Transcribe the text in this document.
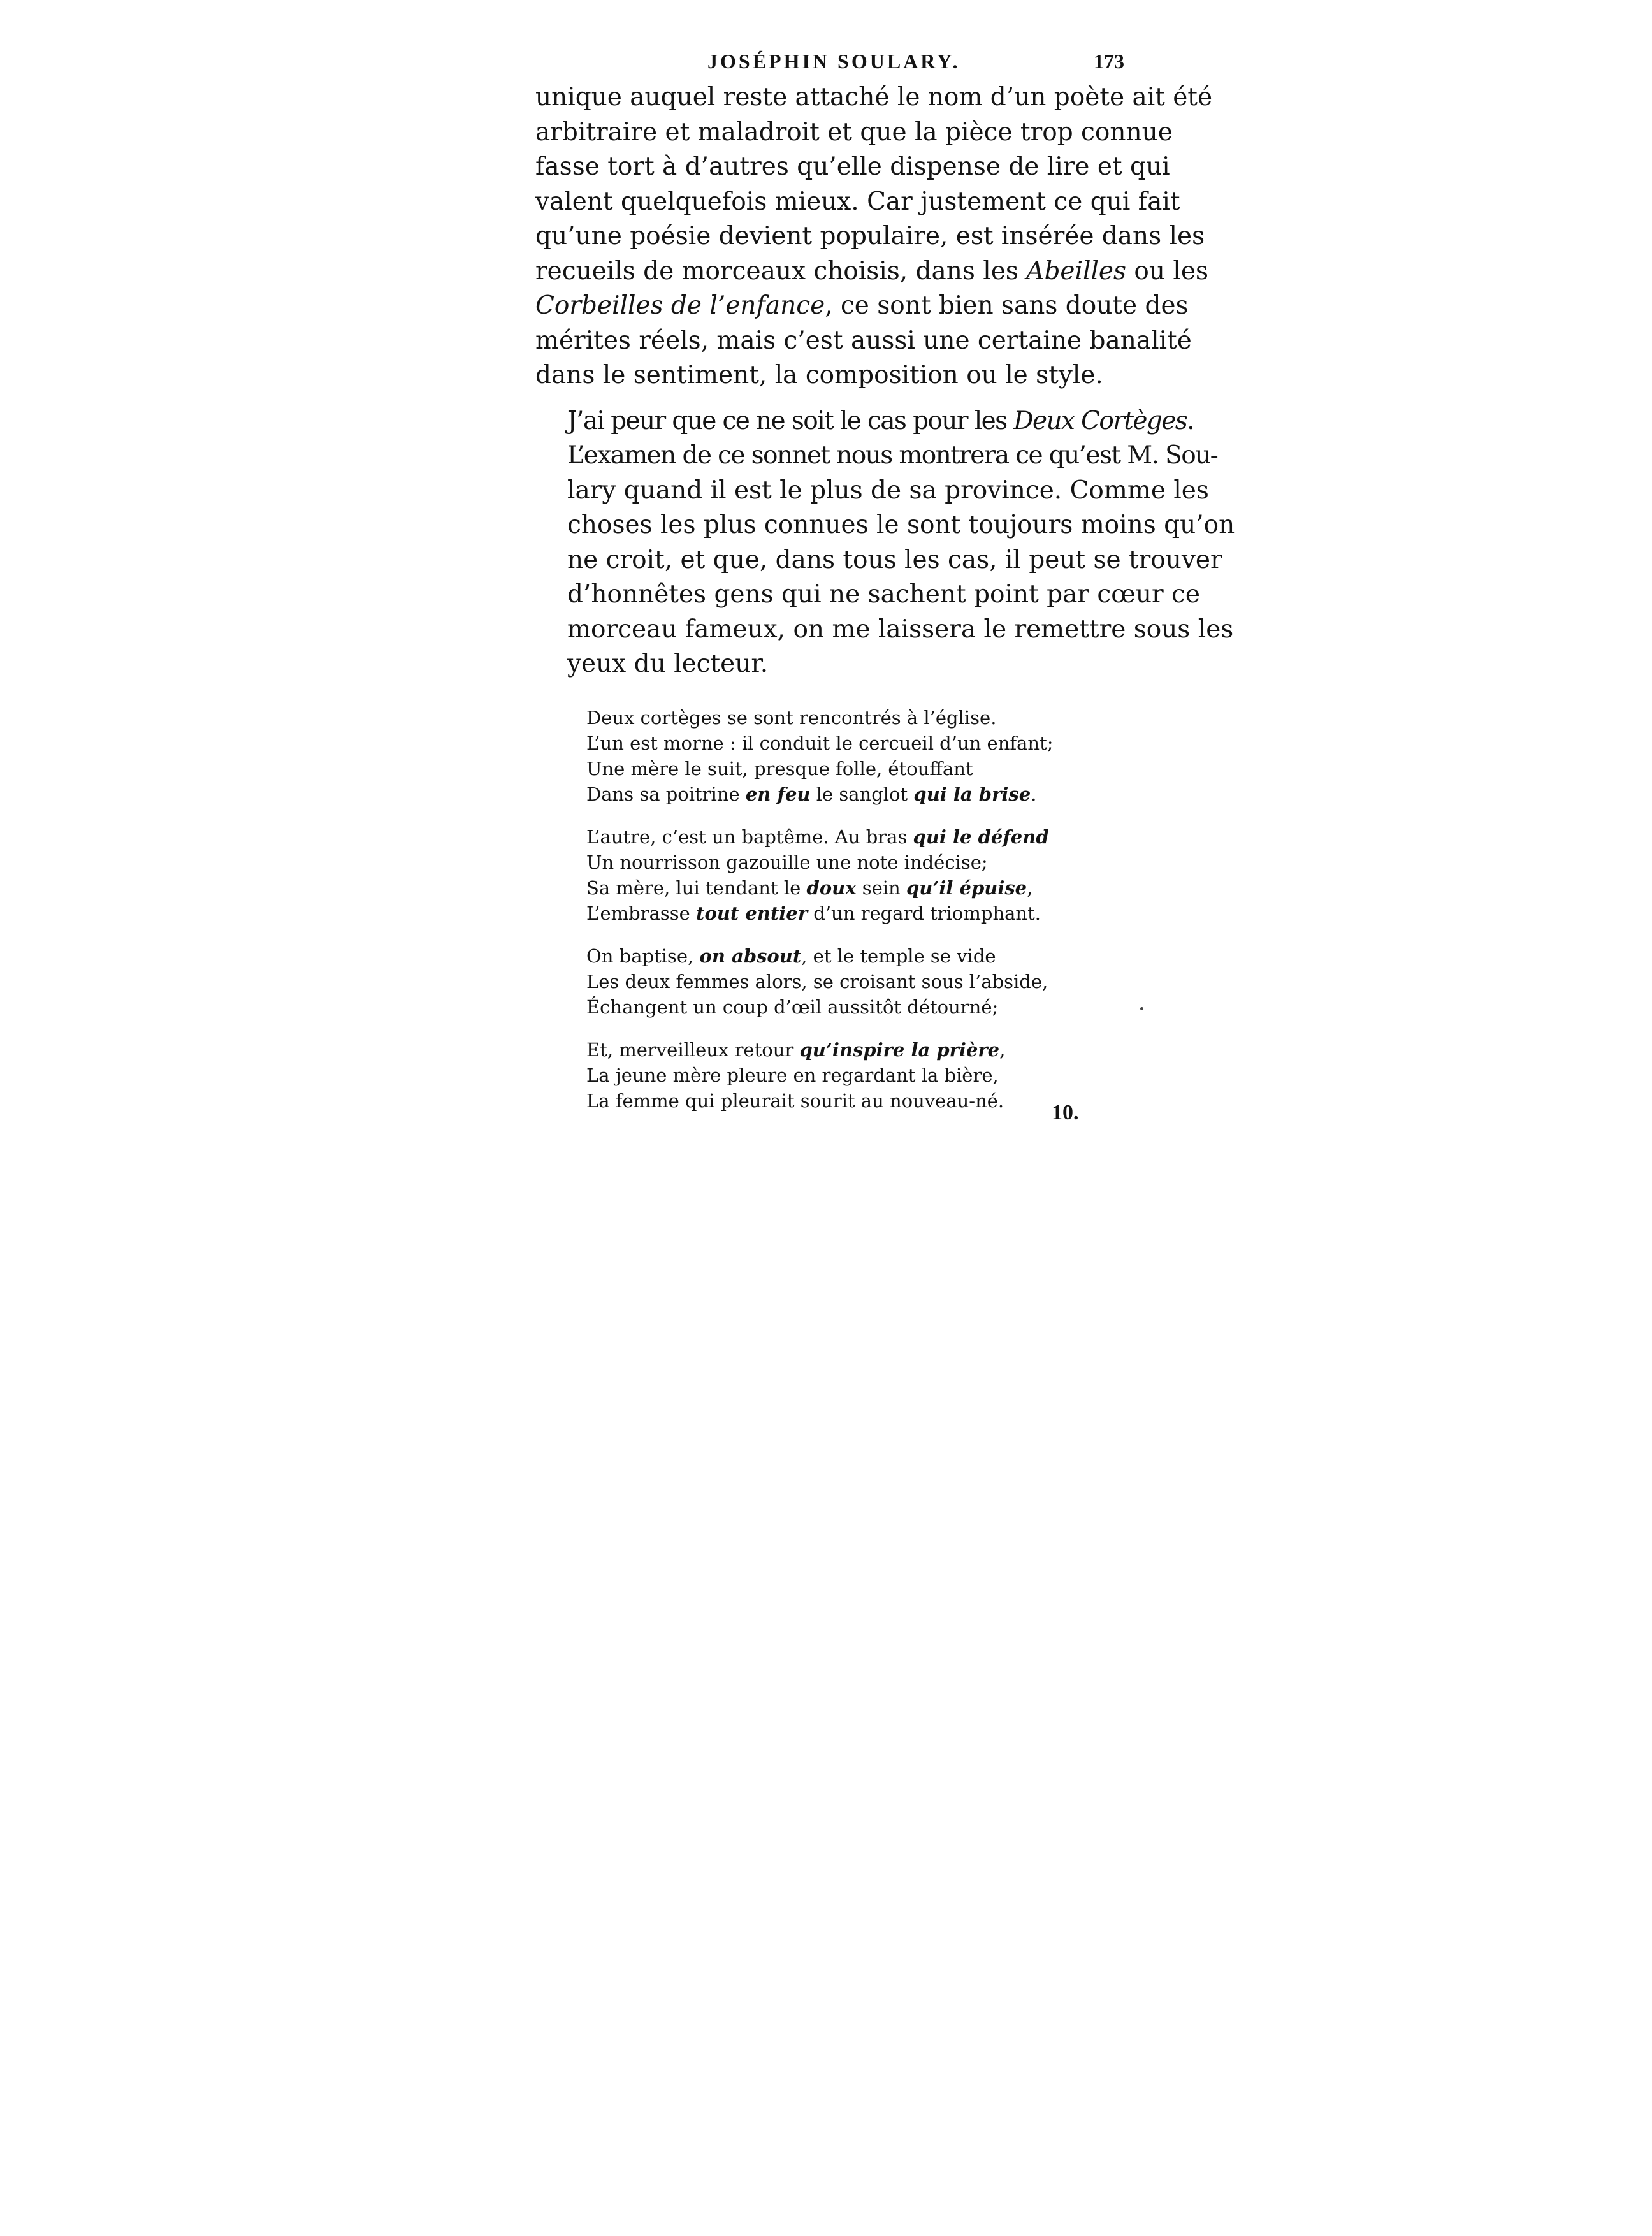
JOSÉPHIN SOULARY.	173

unique auquel reste attaché le nom d’un poète ait été
arbitraire et maladroit et que la pièce trop connue
fasse tort à d’autres qu’elle dispense de lire et qui
valent quelquefois mieux. Car justement ce qui fait
qu’une poésie devient populaire, est insérée dans les
recueils de morceaux choisis, dans les Abeilles ou les
Corbeilles de l’enfance, ce sont bien sans doute des
mérites réels, mais c’est aussi une certaine banalité
dans le sentiment, la composition ou le style.

J’ai peur que ce ne soit le cas pour les Deux Cortèges.
L’examen de ce sonnet nous montrera ce qu’est M. Sou-
lary quand il est le plus de sa province. Comme les
choses les plus connues le sont toujours moins qu’on
ne croit, et que, dans tous les cas, il peut se trouver
d’honnêtes gens qui ne sachent point par cœur ce
morceau fameux, on me laissera le remettre sous les
yeux du lecteur.

Deux cortèges se sont rencontrés à l’église.
L’un est morne : il conduit le cercueil d’un enfant;
Une mère le suit, presque folle, étouffant
Dans sa poitrine en feu le sanglot qui la brise.
L’autre, c’est un baptême. Au bras qui le défend
Un nourrisson gazouille une note indécise;
Sa mère, lui tendant le doux sein qu’il épuise,
L’embrasse tout entier d’un regard triomphant.
On baptise, on absout, et le temple se vide
Les deux femmes alors, se croisant sous l’abside,
Échangent un coup d’œil aussitôt détourné;
Et, merveilleux retour qu’inspire la prière,
La jeune mère pleure en regardant la bière,
La femme qui pleurait sourit au nouveau-né.	10.
